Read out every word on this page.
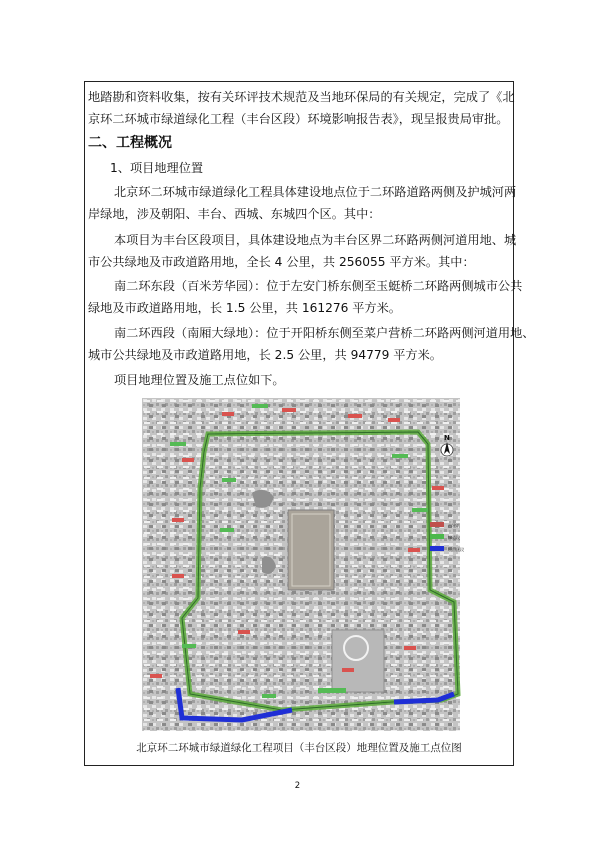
地踏勘和资料收集，按有关环评技术规范及当地环保局的有关规定，完成了《北
京环二环城市绿道绿化工程（丰台区段）环境影响报告表》，现呈报贵局审批。
二、工程概况
1、项目地理位置
北京环二环城市绿道绿化工程具体建设地点位于二环路道路两侧及护城河两
岸绿地，涉及朝阳、丰台、西城、东城四个区。其中：
本项目为丰台区段项目，具体建设地点为丰台区界二环路两侧河道用地、城
市公共绿地及市政道路用地，全长 4 公里，共 256055 平方米。其中：
南二环东段（百米芳华园）：位于左安门桥东侧至玉蜓桥二环路两侧城市公共
绿地及市政道路用地，长 1.5 公里，共 161276 平方米。
南二环西段（南厢大绿地）：位于开阳桥东侧至菜户营桥二环路两侧河道用地、
城市公共绿地及市政道路用地，长 2.5 公里，共 94779 平方米。
项目地理位置及施工点位如下。
古建筑
绿道段
项目区段
N
北京环二环城市绿道绿化工程项目（丰台区段）地理位置及施工点位图
2
